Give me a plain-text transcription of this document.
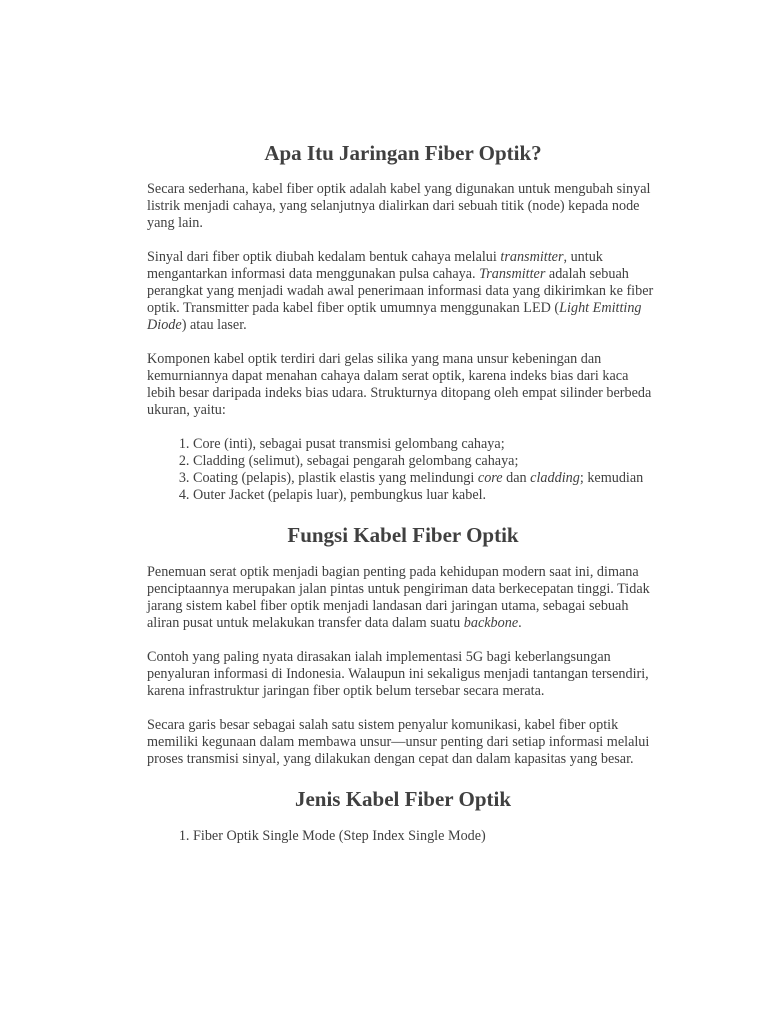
Apa Itu Jaringan Fiber Optik?

Secara sederhana, kabel fiber optik adalah kabel yang digunakan untuk mengubah sinyal listrik menjadi cahaya, yang selanjutnya dialirkan dari sebuah titik (node) kepada node yang lain.

Sinyal dari fiber optik diubah kedalam bentuk cahaya melalui transmitter, untuk mengantarkan informasi data menggunakan pulsa cahaya. Transmitter adalah sebuah perangkat yang menjadi wadah awal penerimaan informasi data yang dikirimkan ke fiber optik. Transmitter pada kabel fiber optik umumnya menggunakan LED (Light Emitting Diode) atau laser.

Komponen kabel optik terdiri dari gelas silika yang mana unsur kebeningan dan kemurniannya dapat menahan cahaya dalam serat optik, karena indeks bias dari kaca lebih besar daripada indeks bias udara. Strukturnya ditopang oleh empat silinder berbeda ukuran, yaitu:

1. Core (inti), sebagai pusat transmisi gelombang cahaya;
2. Cladding (selimut), sebagai pengarah gelombang cahaya;
3. Coating (pelapis), plastik elastis yang melindungi core dan cladding; kemudian
4. Outer Jacket (pelapis luar), pembungkus luar kabel.
Fungsi Kabel Fiber Optik

Penemuan serat optik menjadi bagian penting pada kehidupan modern saat ini, dimana penciptaannya merupakan jalan pintas untuk pengiriman data berkecepatan tinggi. Tidak jarang sistem kabel fiber optik menjadi landasan dari jaringan utama, sebagai sebuah aliran pusat untuk melakukan transfer data dalam suatu backbone.

Contoh yang paling nyata dirasakan ialah implementasi 5G bagi keberlangsungan penyaluran informasi di Indonesia. Walaupun ini sekaligus menjadi tantangan tersendiri, karena infrastruktur jaringan fiber optik belum tersebar secara merata.

Secara garis besar sebagai salah satu sistem penyalur komunikasi, kabel fiber optik memiliki kegunaan dalam membawa unsur—unsur penting dari setiap informasi melalui proses transmisi sinyal, yang dilakukan dengan cepat dan dalam kapasitas yang besar.

Jenis Kabel Fiber Optik
1. Fiber Optik Single Mode (Step Index Single Mode)
